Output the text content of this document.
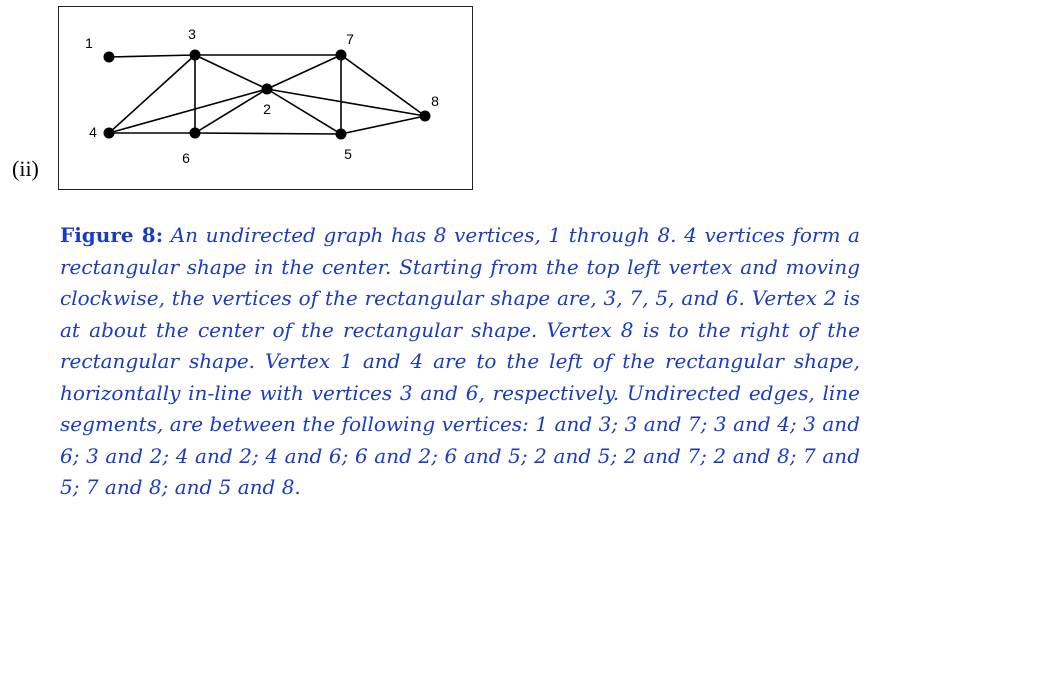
(ii)
1
2
3
4
5
6
7
8

Figure 8: An undirected graph has 8 vertices, 1 through 8. 4 vertices form a rectangular shape in the center. Starting from the top left vertex and moving clockwise, the vertices of the rectangular shape are, 3, 7, 5, and 6. Vertex 2 is at about the center of the rectangular shape. Vertex 8 is to the right of the rectangular shape. Vertex 1 and 4 are to the left of the rectangular shape, horizontally in-line with vertices 3 and 6, respectively. Undirected edges, line segments, are between the following vertices: 1 and 3; 3 and 7; 3 and 4; 3 and 6; 3 and 2; 4 and 2; 4 and 6; 6 and 2; 6 and 5; 2 and 5; 2 and 7; 2 and 8; 7 and 5; 7 and 8; and 5 and 8.
